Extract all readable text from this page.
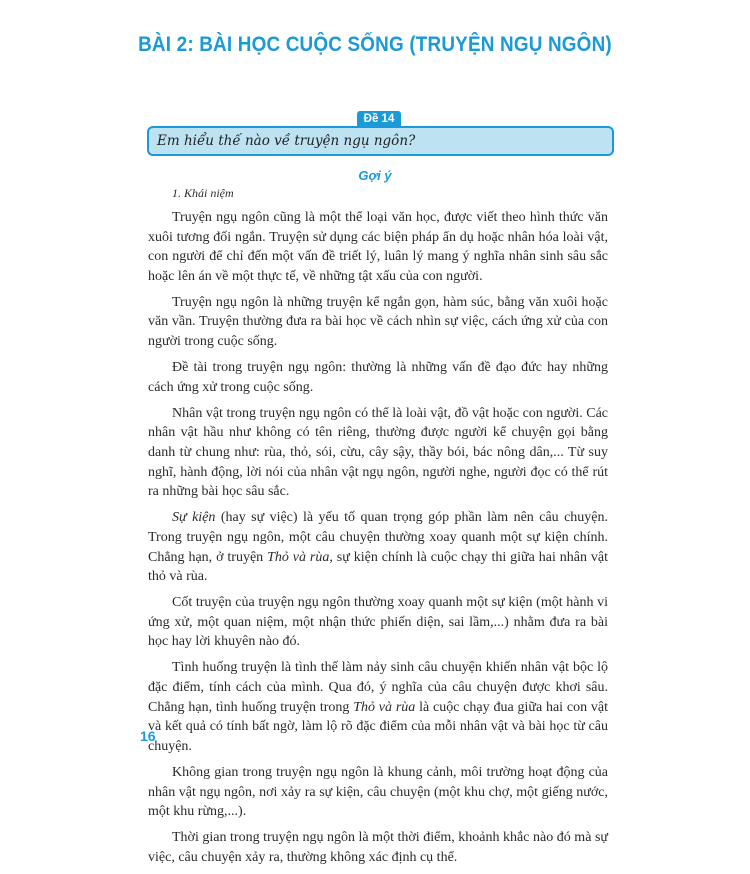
BÀI 2: BÀI HỌC CUỘC SỐNG (TRUYỆN NGỤ NGÔN)
Đề 14
Em hiểu thế nào về truyện ngụ ngôn?
Gợi ý
1. Khái niệm

Truyện ngụ ngôn cũng là một thể loại văn học, được viết theo hình thức văn xuôi tương đối ngắn. Truyện sử dụng các biện pháp ẩn dụ hoặc nhân hóa loài vật, con người để chỉ đến một vấn đề triết lý, luân lý mang ý nghĩa nhân sinh sâu sắc hoặc lên án về một thực tế, về những tật xấu của con người.

Truyện ngụ ngôn là những truyện kể ngắn gọn, hàm súc, bằng văn xuôi hoặc văn vần. Truyện thường đưa ra bài học về cách nhìn sự việc, cách ứng xử của con người trong cuộc sống.

Đề tài trong truyện ngụ ngôn: thường là những vấn đề đạo đức hay những cách ứng xử trong cuộc sống.

Nhân vật trong truyện ngụ ngôn có thể là loài vật, đồ vật hoặc con người. Các nhân vật hầu như không có tên riêng, thường được người kể chuyện gọi bằng danh từ chung như: rùa, thỏ, sói, cừu, cây sậy, thầy bói, bác nông dân,... Từ suy nghĩ, hành động, lời nói của nhân vật ngụ ngôn, người nghe, người đọc có thể rút ra những bài học sâu sắc.

Sự kiện (hay sự việc) là yếu tố quan trọng góp phần làm nên câu chuyện. Trong truyện ngụ ngôn, một câu chuyện thường xoay quanh một sự kiện chính. Chẳng hạn, ở truyện Thỏ và rùa, sự kiện chính là cuộc chạy thi giữa hai nhân vật thỏ và rùa.

Cốt truyện của truyện ngụ ngôn thường xoay quanh một sự kiện (một hành vi ứng xử, một quan niệm, một nhận thức phiến diện, sai lầm,...) nhằm đưa ra bài học hay lời khuyên nào đó.

Tình huống truyện là tình thế làm nảy sinh câu chuyện khiến nhân vật bộc lộ đặc điểm, tính cách của mình. Qua đó, ý nghĩa của câu chuyện được khơi sâu. Chẳng hạn, tình huống truyện trong Thỏ và rùa là cuộc chạy đua giữa hai con vật và kết quả có tính bất ngờ, làm lộ rõ đặc điểm của mỗi nhân vật và bài học từ câu chuyện.

Không gian trong truyện ngụ ngôn là khung cảnh, môi trường hoạt động của nhân vật ngụ ngôn, nơi xảy ra sự kiện, câu chuyện (một khu chợ, một giếng nước, một khu rừng,...).

Thời gian trong truyện ngụ ngôn là một thời điểm, khoảnh khắc nào đó mà sự việc, câu chuyện xảy ra, thường không xác định cụ thể.

16
